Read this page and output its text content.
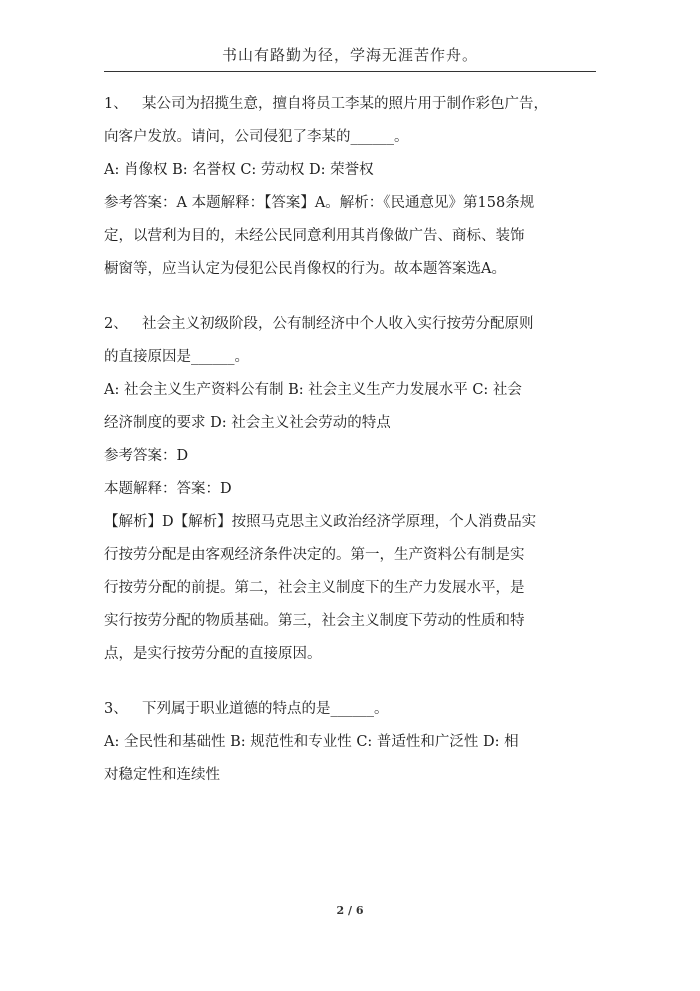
书山有路勤为径，学海无涯苦作舟。

1、 某公司为招揽生意，擅自将员工李某的照片用于制作彩色广告，

向客户发放。请问，公司侵犯了李某的______。

A: 肖像权 B: 名誉权 C: 劳动权 D: 荣誉权

参考答案：A 本题解释：【答案】A。解析：《民通意见》第158条规

定，以营利为目的，未经公民同意利用其肖像做广告、商标、装饰

橱窗等，应当认定为侵犯公民肖像权的行为。故本题答案选A。

2、 社会主义初级阶段，公有制经济中个人收入实行按劳分配原则

的直接原因是______。

A: 社会主义生产资料公有制 B: 社会主义生产力发展水平 C: 社会

经济制度的要求 D: 社会主义社会劳动的特点

参考答案：D

本题解释：答案：D

【解析】D【解析】按照马克思主义政治经济学原理，个人消费品实

行按劳分配是由客观经济条件决定的。第一，生产资料公有制是实

行按劳分配的前提。第二，社会主义制度下的生产力发展水平，是

实行按劳分配的物质基础。第三，社会主义制度下劳动的性质和特

点，是实行按劳分配的直接原因。

3、 下列属于职业道德的特点的是______。

A: 全民性和基础性 B: 规范性和专业性 C: 普适性和广泛性 D: 相

对稳定性和连续性

2 / 6
